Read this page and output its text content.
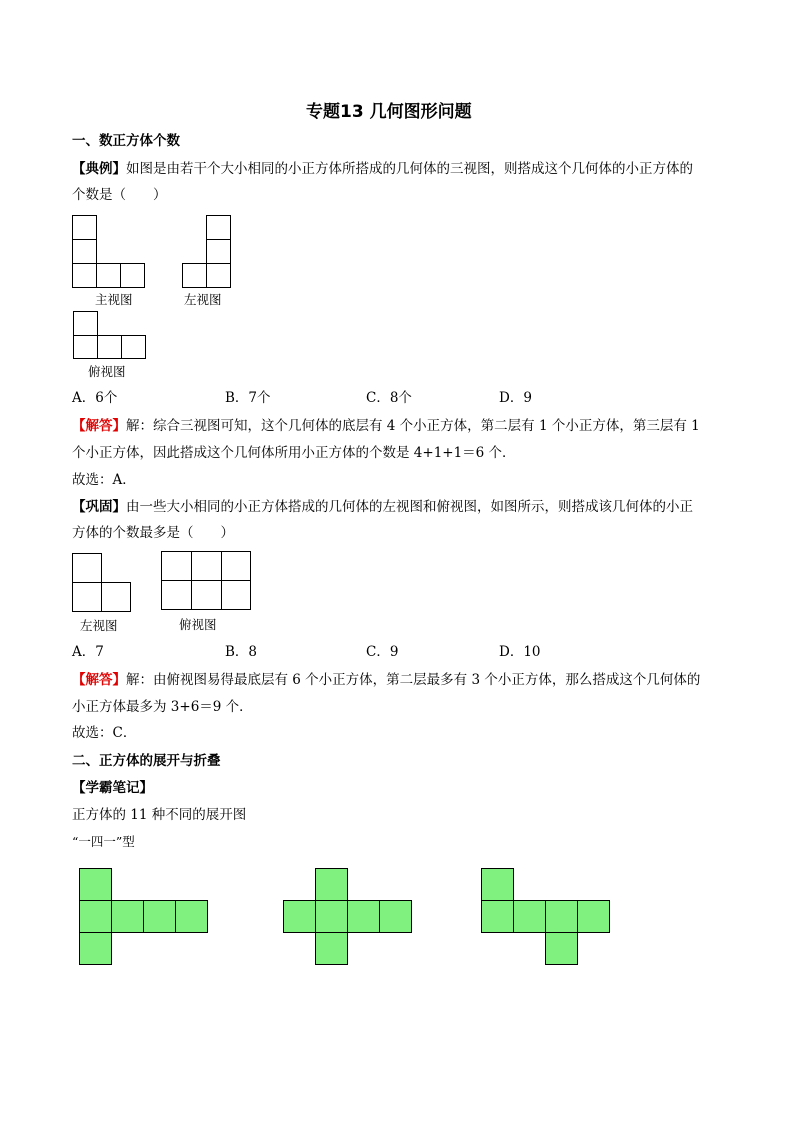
专题13 几何图形问题
一、数正方体个数
【典例】如图是由若干个大小相同的小正方体所搭成的几何体的三视图，则搭成这个几何体的小正方体的
个数是（　　）
主视图	左视图
俯视图
A．6个	B．7个	C．8个	D．9
【解答】解：综合三视图可知，这个几何体的底层有 4 个小正方体，第二层有 1 个小正方体，第三层有 1
个小正方体，因此搭成这个几何体所用小正方体的个数是 4+1+1＝6 个．
故选：A．
【巩固】由一些大小相同的小正方体搭成的几何体的左视图和俯视图，如图所示，则搭成该几何体的小正
方体的个数最多是（　　）
左视图	俯视图
A．7	B．8	C．9	D．10
【解答】解：由俯视图易得最底层有 6 个小正方体，第二层最多有 3 个小正方体，那么搭成这个几何体的
小正方体最多为 3+6＝9 个．
故选：C．
二、正方体的展开与折叠
【学霸笔记】
正方体的 11 种不同的展开图
“一四一”型
